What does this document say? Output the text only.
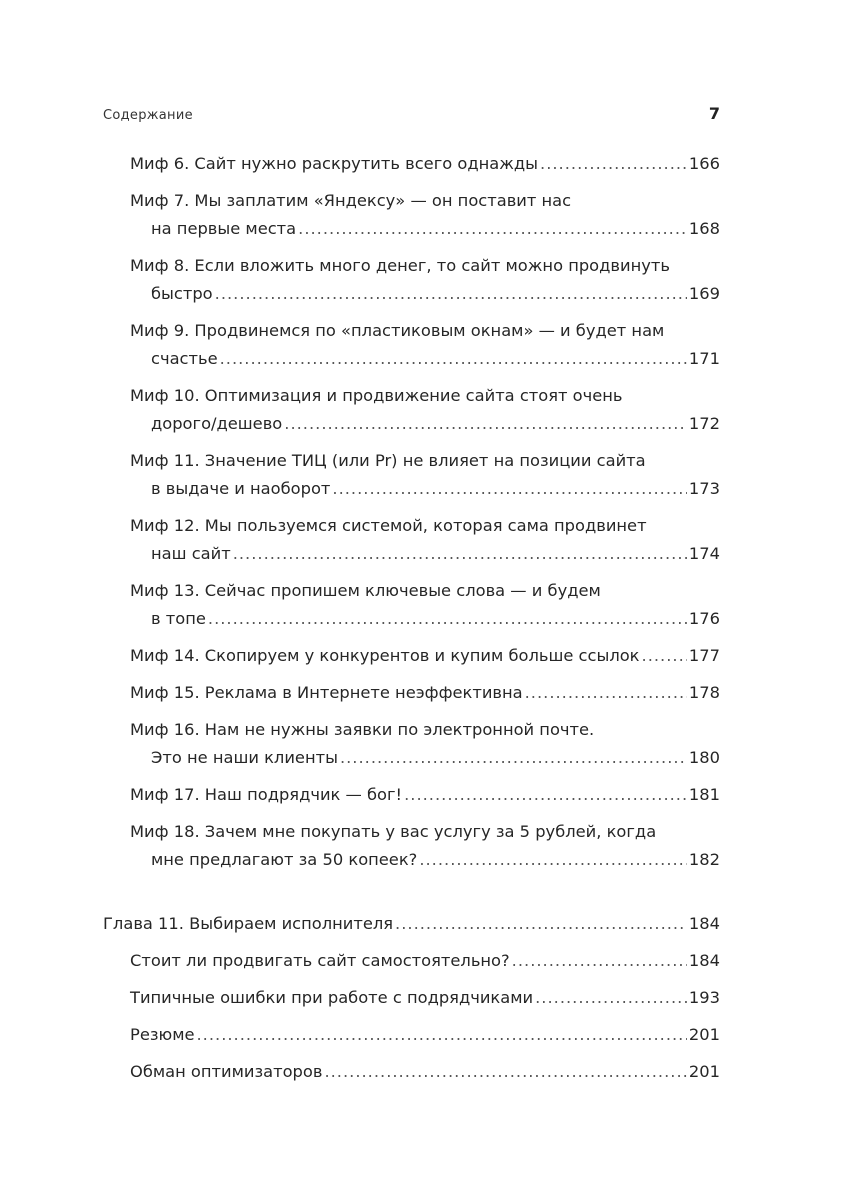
Содержание	7
Миф 6. Сайт нужно раскрутить всего однажды .....	166
Миф 7. Мы заплатим «Яндексу» — он поставит нас
на первые места .....	168
Миф 8. Если вложить много денег, то сайт можно продвинуть
быстро .....	169
Миф 9. Продвинемся по «пластиковым окнам» — и будет нам
счастье .....	171
Миф 10. Оптимизация и продвижение сайта стоят очень
дорого/дешево .....	172
Миф 11. Значение ТИЦ (или Pr) не влияет на позиции сайта
в выдаче и наоборот .....	173
Миф 12. Мы пользуемся системой, которая сама продвинет
наш сайт .....	174
Миф 13. Сейчас пропишем ключевые слова — и будем
в топе .....	176
Миф 14. Скопируем у конкурентов и купим больше ссылок .....	177
Миф 15. Реклама в Интернете неэффективна .....	178
Миф 16. Нам не нужны заявки по электронной почте.
Это не наши клиенты .....	180
Миф 17. Наш подрядчик — бог! .....	181
Миф 18. Зачем мне покупать у вас услугу за 5 рублей, когда
мне предлагают за 50 копеек? .....	182
Глава 11. Выбираем исполнителя .....	184
Стоит ли продвигать сайт самостоятельно? .....	184
Типичные ошибки при работе с подрядчиками .....	193
Резюме .....	201
Обман оптимизаторов .....	201
